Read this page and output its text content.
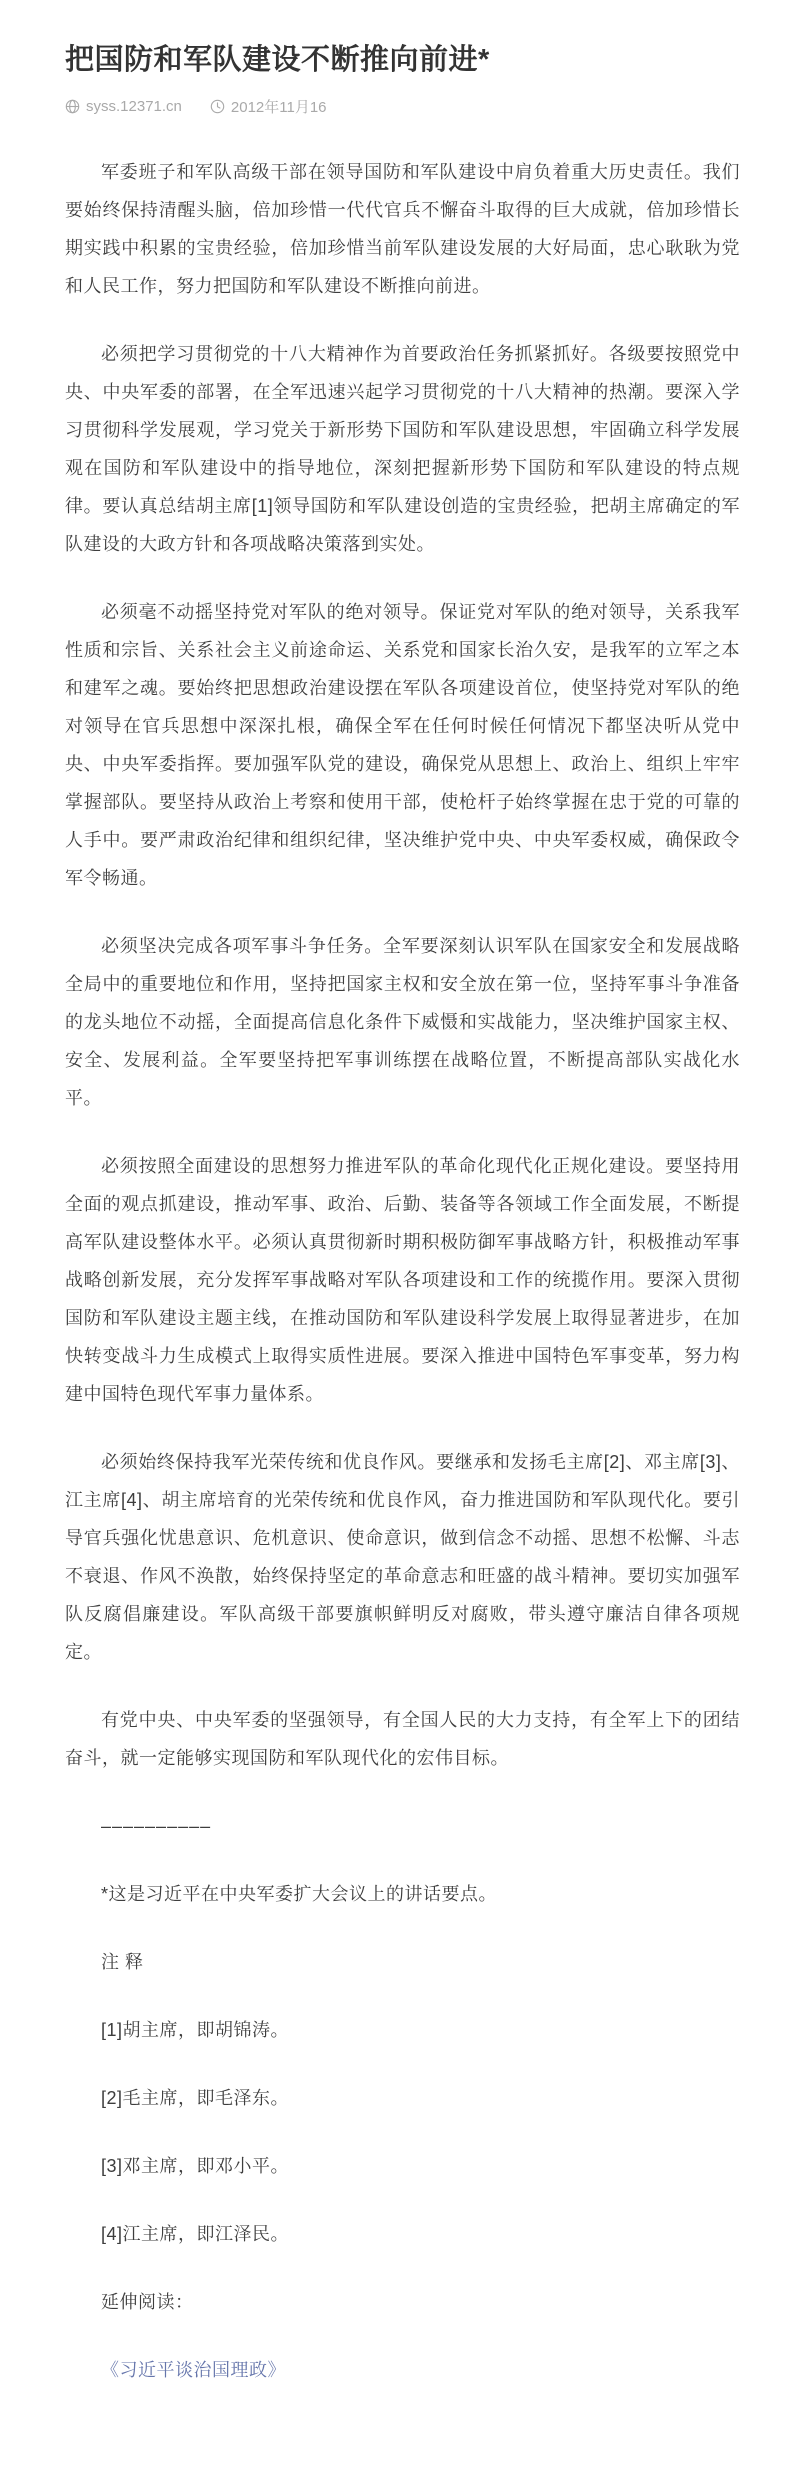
把国防和军队建设不断推向前进*
syss.12371.cn	2012年11月16

军委班子和军队高级干部在领导国防和军队建设中肩负着重大历史责任。我们要始终保持清醒头脑，倍加珍惜一代代官兵不懈奋斗取得的巨大成就，倍加珍惜长期实践中积累的宝贵经验，倍加珍惜当前军队建设发展的大好局面，忠心耿耿为党和人民工作，努力把国防和军队建设不断推向前进。

必须把学习贯彻党的十八大精神作为首要政治任务抓紧抓好。各级要按照党中央、中央军委的部署，在全军迅速兴起学习贯彻党的十八大精神的热潮。要深入学习贯彻科学发展观，学习党关于新形势下国防和军队建设思想，牢固确立科学发展观在国防和军队建设中的指导地位，深刻把握新形势下国防和军队建设的特点规律。要认真总结胡主席[1]领导国防和军队建设创造的宝贵经验，把胡主席确定的军队建设的大政方针和各项战略决策落到实处。

必须毫不动摇坚持党对军队的绝对领导。保证党对军队的绝对领导，关系我军性质和宗旨、关系社会主义前途命运、关系党和国家长治久安，是我军的立军之本和建军之魂。要始终把思想政治建设摆在军队各项建设首位，使坚持党对军队的绝对领导在官兵思想中深深扎根，确保全军在任何时候任何情况下都坚决听从党中央、中央军委指挥。要加强军队党的建设，确保党从思想上、政治上、组织上牢牢掌握部队。要坚持从政治上考察和使用干部，使枪杆子始终掌握在忠于党的可靠的人手中。要严肃政治纪律和组织纪律，坚决维护党中央、中央军委权威，确保政令军令畅通。

必须坚决完成各项军事斗争任务。全军要深刻认识军队在国家安全和发展战略全局中的重要地位和作用，坚持把国家主权和安全放在第一位，坚持军事斗争准备的龙头地位不动摇，全面提高信息化条件下威慑和实战能力，坚决维护国家主权、安全、发展利益。全军要坚持把军事训练摆在战略位置，不断提高部队实战化水平。

必须按照全面建设的思想努力推进军队的革命化现代化正规化建设。要坚持用全面的观点抓建设，推动军事、政治、后勤、装备等各领域工作全面发展，不断提高军队建设整体水平。必须认真贯彻新时期积极防御军事战略方针，积极推动军事战略创新发展，充分发挥军事战略对军队各项建设和工作的统揽作用。要深入贯彻国防和军队建设主题主线，在推动国防和军队建设科学发展上取得显著进步，在加快转变战斗力生成模式上取得实质性进展。要深入推进中国特色军事变革，努力构建中国特色现代军事力量体系。

必须始终保持我军光荣传统和优良作风。要继承和发扬毛主席[2]、邓主席[3]、江主席[4]、胡主席培育的光荣传统和优良作风，奋力推进国防和军队现代化。要引导官兵强化忧患意识、危机意识、使命意识，做到信念不动摇、思想不松懈、斗志不衰退、作风不涣散，始终保持坚定的革命意志和旺盛的战斗精神。要切实加强军队反腐倡廉建设。军队高级干部要旗帜鲜明反对腐败，带头遵守廉洁自律各项规定。

有党中央、中央军委的坚强领导，有全国人民的大力支持，有全军上下的团结奋斗，就一定能够实现国防和军队现代化的宏伟目标。

––––––––––

*这是习近平在中央军委扩大会议上的讲话要点。

注 释

[1]胡主席，即胡锦涛。

[2]毛主席，即毛泽东。

[3]邓主席，即邓小平。

[4]江主席，即江泽民。

延伸阅读：

《习近平谈治国理政》
